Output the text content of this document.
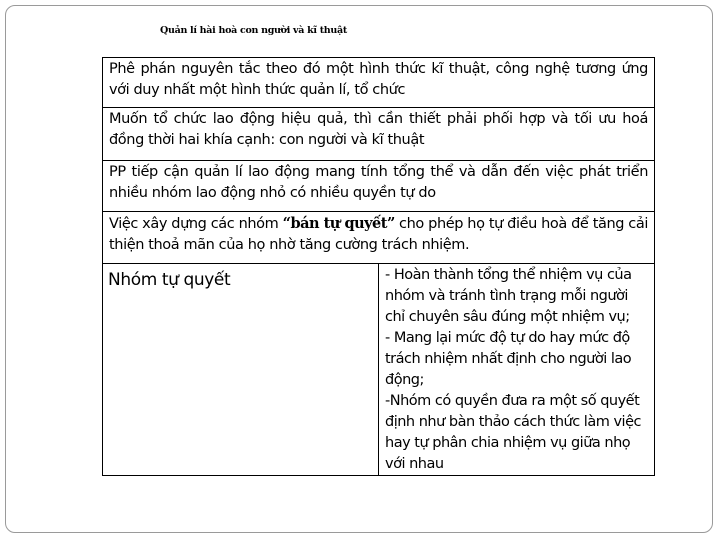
Quản lí hài hoà con người và kĩ thuật
Phê phán nguyên tắc theo đó một hình thức kĩ thuật, công nghệ tương ứng với duy nhất một hình thức quản lí, tổ chức
Muốn tổ chức lao động hiệu quả, thì cần thiết phải phối hợp và tối ưu hoá đồng thời hai khía cạnh: con người và kĩ thuật
PP tiếp cận quản lí lao động mang tính tổng thể và dẫn đến việc phát triển nhiều nhóm lao động nhỏ có nhiều quyền tự do
Việc xây dựng các nhóm “bán tự quyết” cho phép họ tự điều hoà để tăng cải thiện thoả mãn của họ nhờ tăng cường trách nhiệm.
Nhóm tự quyết	- Hoàn thành tổng thể nhiệm vụ của nhóm và tránh tình trạng mỗi người chỉ chuyên sâu đúng một nhiệm vụ;
- Mang lại mức độ tự do hay mức độ trách nhiệm nhất định cho người lao động;
-Nhóm có quyền đưa ra một số quyết định như bàn thảo cách thức làm việc hay tự phân chia nhiệm vụ giữa nhọ với nhau
